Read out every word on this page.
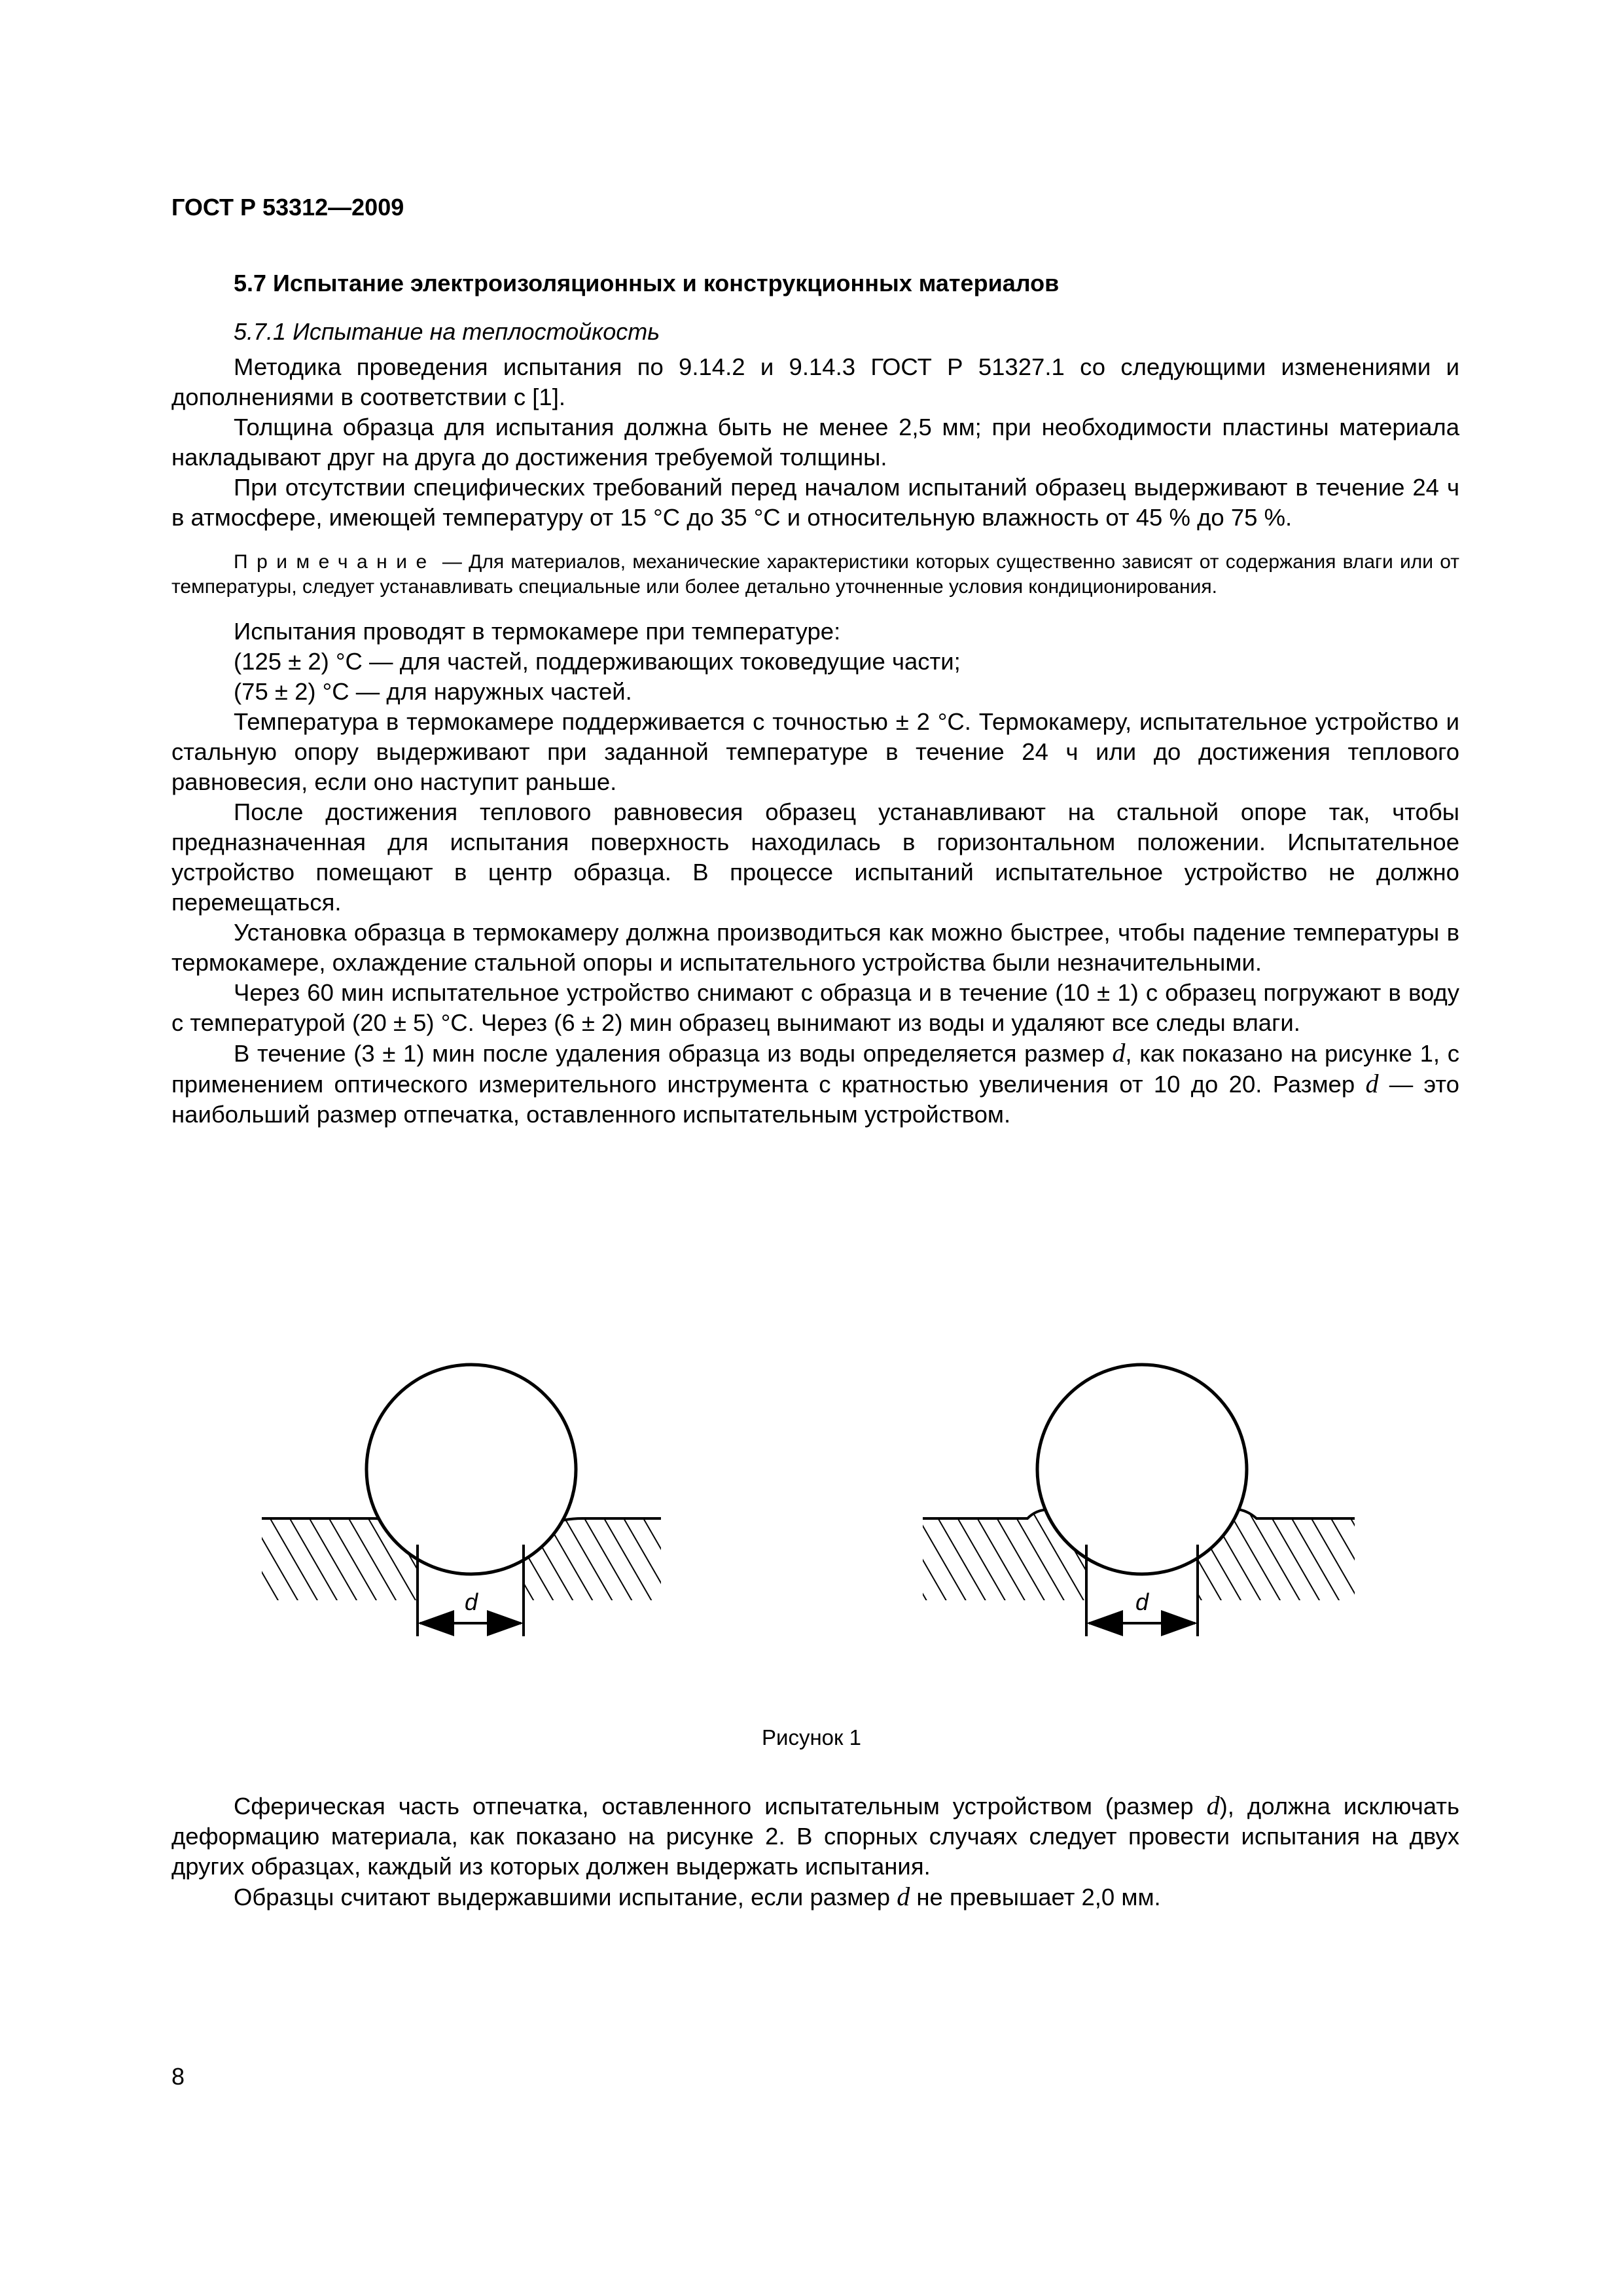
ГОСТ Р 53312—2009
5.7 Испытание электроизоляционных и конструкционных материалов
5.7.1 Испытание на теплостойкость

Методика проведения испытания по 9.14.2 и 9.14.3 ГОСТ Р 51327.1 со следующими изменениями и дополнениями в соответствии с [1].

Толщина образца для испытания должна быть не менее 2,5 мм; при необходимости пластины материала накладывают друг на друга до достижения требуемой толщины.

При отсутствии специфических требований перед началом испытаний образец выдерживают в течение 24 ч в атмосфере, имеющей температуру от 15 °С до 35 °С и относительную влажность от 45 % до 75 %.

Примечание — Для материалов, механические характеристики которых существенно зависят от содержания влаги или от температуры, следует устанавливать специальные или более детально уточненные условия кондиционирования.

Испытания проводят в термокамере при температуре:

(125 ± 2) °С — для частей, поддерживающих токоведущие части;

(75 ± 2) °С — для наружных частей.

Температура в термокамере поддерживается с точностью ± 2 °С. Термокамеру, испытательное устройство и стальную опору выдерживают при заданной температуре в течение 24 ч или до достижения теплового равновесия, если оно наступит раньше.

После достижения теплового равновесия образец устанавливают на стальной опоре так, чтобы предназначенная для испытания поверхность находилась в горизонтальном положении. Испытательное устройство помещают в центр образца. В процессе испытаний испытательное устройство не должно перемещаться.

Установка образца в термокамеру должна производиться как можно быстрее, чтобы падение температуры в термокамере, охлаждение стальной опоры и испытательного устройства были незначительными.

Через 60 мин испытательное устройство снимают с образца и в течение (10 ± 1) с образец погружают в воду с температурой (20 ± 5) °С. Через (6 ± 2) мин образец вынимают из воды и удаляют все следы влаги.

В течение (3 ± 1) мин после удаления образца из воды определяется размер d, как показано на рисунке 1, с применением оптического измерительного инструмента с кратностью увеличения от 10 до 20. Размер d — это наибольший размер отпечатка, оставленного испытательным устройством.

d	d
Рисунок 1

Сферическая часть отпечатка, оставленного испытательным устройством (размер d), должна исключать деформацию материала, как показано на рисунке 2. В спорных случаях следует провести испытания на двух других образцах, каждый из которых должен выдержать испытания.

Образцы считают выдержавшими испытание, если размер d не превышает 2,0 мм.

8
